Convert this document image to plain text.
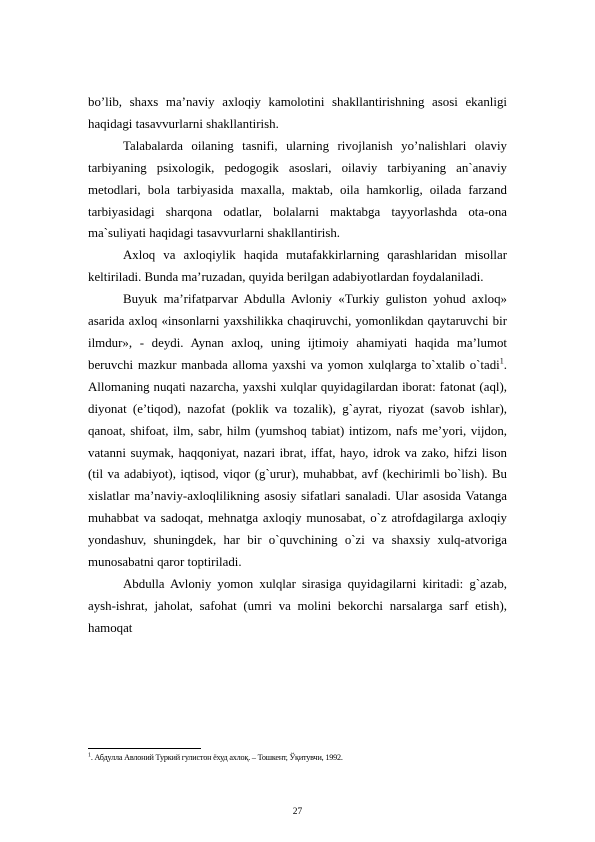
bo’lib, shaxs ma’naviy axloqiy kamolotini shakllantirishning asosi ekanligi haqidagi tasavvurlarni shakllantirish.

Talabalarda oilaning tasnifi, ularning rivojlanish yo’nalishlari olaviy tarbiyaning psixologik, pedogogik asoslari, oilaviy tarbiyaning an`anaviy metodlari, bola tarbiyasida maxalla, maktab, oila hamkorlig, oilada farzand tarbiyasidagi sharqona odatlar, bolalarni maktabga tayyorlashda ota-ona ma`suliyati haqidagi tasavvurlarni shakllantirish.

Axloq va axloqiylik haqida mutafakkirlarning qarashlaridan misollar keltiriladi. Bunda ma’ruzadan, quyida berilgan adabiyotlardan foydalaniladi.

Buyuk ma’rifatparvar Abdulla Avloniy «Turkiy guliston yohud axloq» asarida axloq «insonlarni yaxshilikka chaqiruvchi, yomonlikdan qaytaruvchi bir ilmdur», - deydi. Aynan axloq, uning ijtimoiy ahamiyati haqida ma’lumot beruvchi mazkur manbada alloma yaxshi va yomon xulqlarga to`xtalib o`tadi$^1$. Allomaning nuqati nazarcha, yaxshi xulqlar quyidagilardan iborat: fatonat (aql), diyonat (e’tiqod), nazofat (poklik va tozalik), g`ayrat, riyozat (savob ishlar), qanoat, shifoat, ilm, sabr, hilm (yumshoq tabiat) intizom, nafs me’yori, vijdon, vatanni suymak, haqqoniyat, nazari ibrat, iffat, hayo, idrok va zako, hifzi lison (til va adabiyot), iqtisod, viqor (g`urur), muhabbat, avf (kechirimli bo`lish). Bu xislatlar ma’naviy-axloqlilikning asosiy sifatlari sanaladi. Ular asosida Vatanga muhabbat va sadoqat, mehnatga axloqiy munosabat, o`z atrofdagilarga axloqiy yondashuv, shuningdek, har bir o`quvchining o`zi va shaxsiy xulq-atvoriga munosabatni qaror toptiriladi.

Abdulla Avloniy yomon xulqlar sirasiga quyidagilarni kiritadi: g`azab, aysh-ishrat, jaholat, safohat (umri va molini bekorchi narsalarga sarf etish), hamoqat

$^1$. Абдулла Авлоний Туркий гулистон ёхуд ахлоқ. – Тошкент, Ўқитувчи, 1992.
27
